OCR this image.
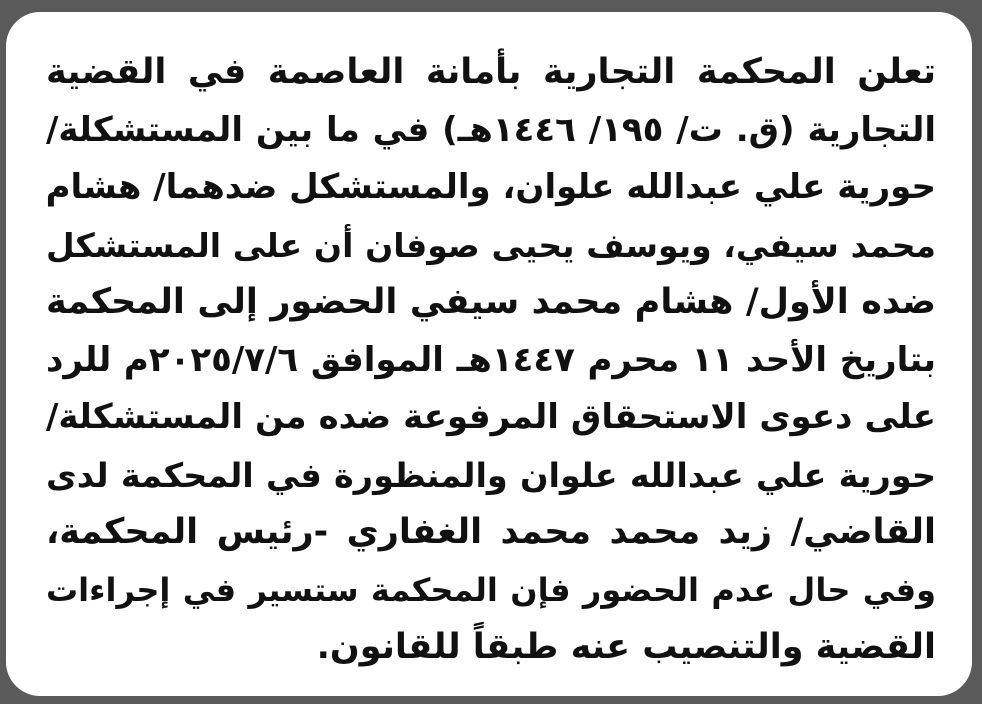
تعلن المحكمة التجارية بأمانة العاصمة في القضية
التجارية (ق. ت/ ١٩٥/ ١٤٤٦هـ) في ما بين المستشكلة/
حورية علي عبدالله علوان، والمستشكل ضدهما/ هشام
محمد سيفي، ويوسف يحيى صوفان أن على المستشكل
ضده الأول/ هشام محمد سيفي الحضور إلى المحكمة
بتاريخ الأحد ١١ محرم ١٤٤٧هـ الموافق ٢٠٢٥/٧/٦م للرد
على دعوى الاستحقاق المرفوعة ضده من المستشكلة/
حورية علي عبدالله علوان والمنظورة في المحكمة لدى
القاضي/ زيد محمد محمد الغفاري -رئيس المحكمة،
وفي حال عدم الحضور فإن المحكمة ستسير في إجراءات
القضية والتنصيب عنه طبقاً للقانون.
